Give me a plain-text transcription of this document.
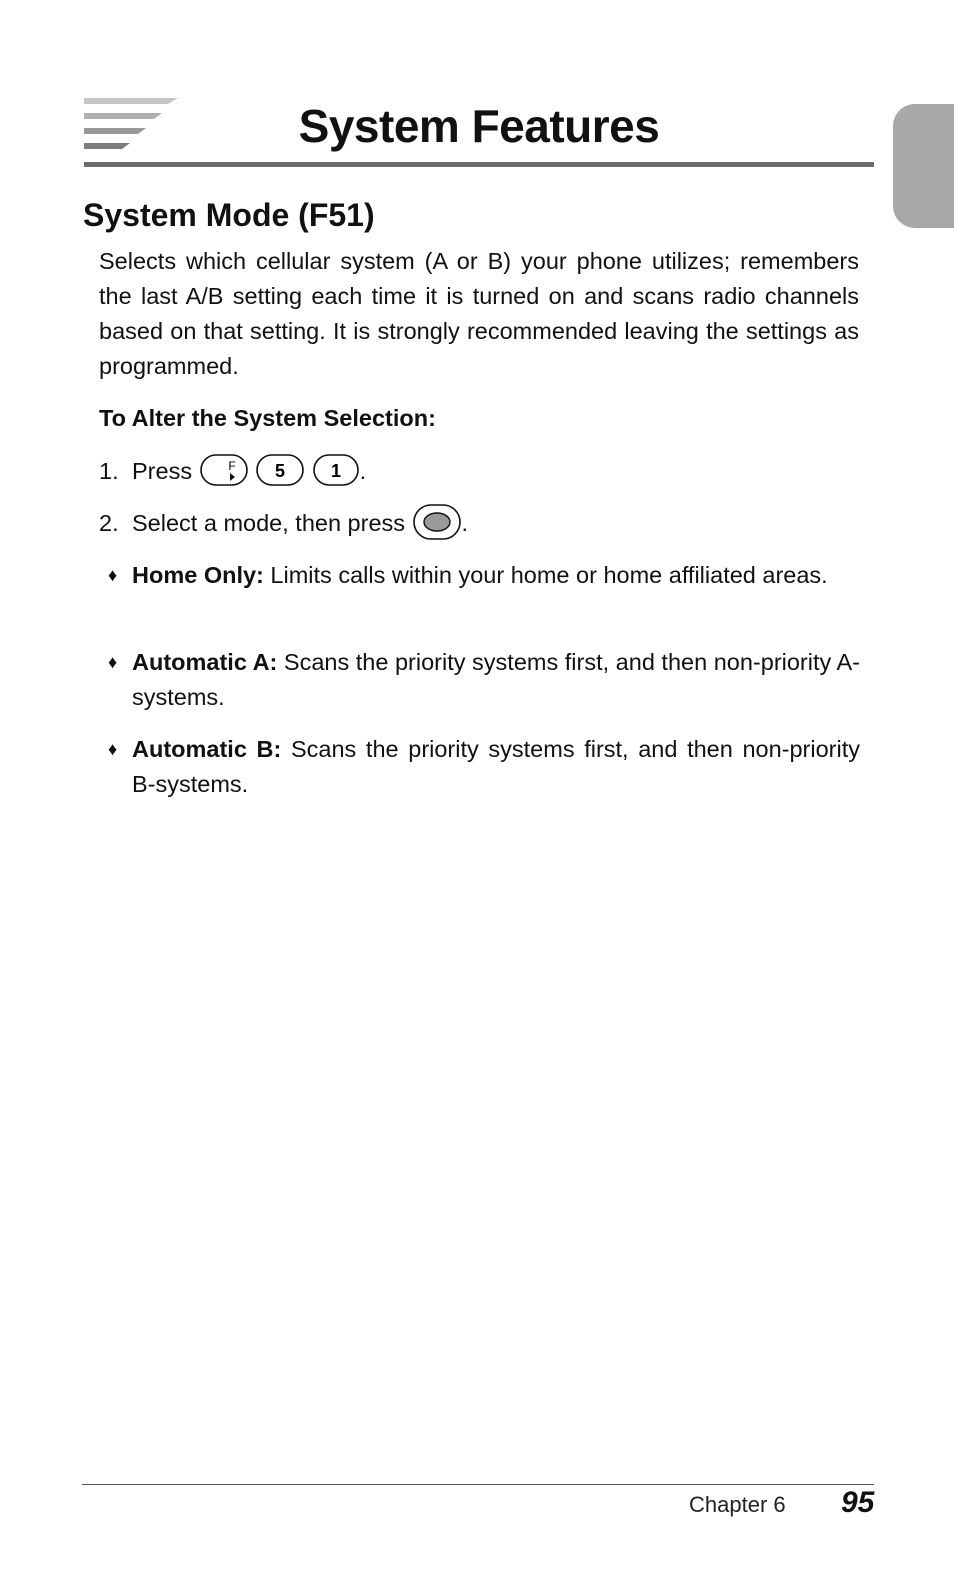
System Features
System Mode (F51)

Selects which cellular system (A or B) your phone utilizes; remembers the last A/B setting each time it is turned on and scans radio channels based on that setting. It is strongly recommended leaving the settings as programmed.

To Alter the System Selection:
1. Press	F
5
	1 .
2. Select a mode, then press .
♦ Home Only: Limits calls within your home or home affiliated areas.
♦ Automatic A: Scans the priority systems first, and then non-priority A-systems.
♦ Automatic B: Scans the priority systems first, and then non-priority B-systems.
Chapter 6 95
